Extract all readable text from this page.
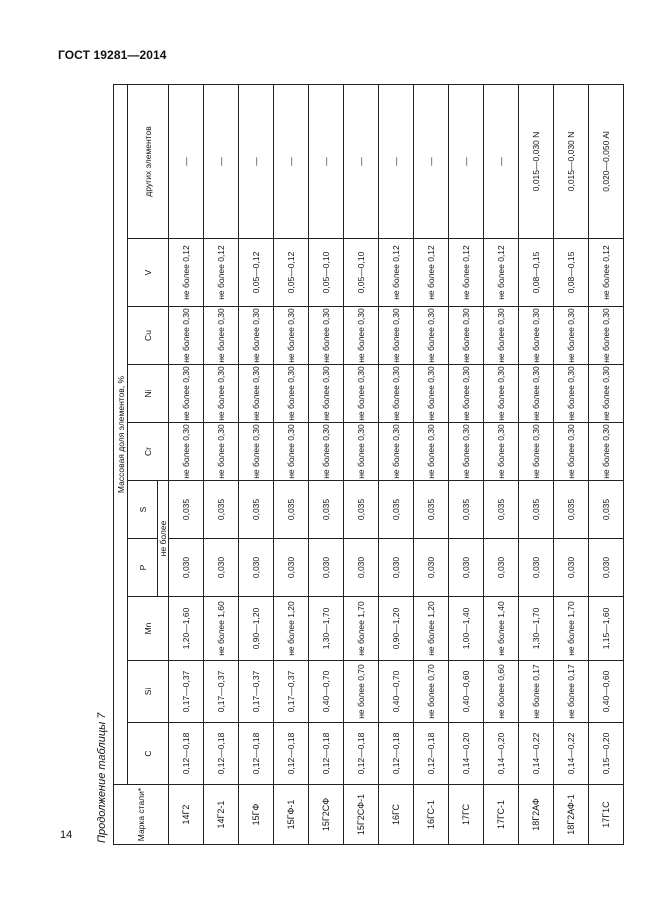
ГОСТ 19281—2014
Продолжение таблицы 7	Марка стали*	Массовая доля элементов, %									
	C	Si	Mn	P	S	Cr	Ni	Cu	V	других элементов
				не более						
14Г2	0,12—0,18	0,17—0,37	1,20—1,60	0,030	0,035	не более 0,30	не более 0,30	не более 0,30	не более 0,12	—
14Г2-1	0,12—0,18	0,17—0,37	не более 1,60	0,030	0,035	не более 0,30	не более 0,30	не более 0,30	не более 0,12	—
15ГФ	0,12—0,18	0,17—0,37	0,90—1,20	0,030	0,035	не более 0,30	не более 0,30	не более 0,30	0,05—0,12	—
15ГФ-1	0,12—0,18	0,17—0,37	не более 1,20	0,030	0,035	не более 0,30	не более 0,30	не более 0,30	0,05—0,12	—
15Г2СФ	0,12—0,18	0,40—0,70	1,30—1,70	0,030	0,035	не более 0,30	не более 0,30	не более 0,30	0,05—0,10	—
15Г2СФ-1	0,12—0,18	не более 0,70	не более 1,70	0,030	0,035	не более 0,30	не более 0,30	не более 0,30	0,05—0,10	—
16ГС	0,12—0,18	0,40—0,70	0,90—1,20	0,030	0,035	не более 0,30	не более 0,30	не более 0,30	не более 0,12	—
16ГС-1	0,12—0,18	не более 0,70	не более 1,20	0,030	0,035	не более 0,30	не более 0,30	не более 0,30	не более 0,12	—
17ГС	0,14—0,20	0,40—0,60	1,00—1,40	0,030	0,035	не более 0,30	не более 0,30	не более 0,30	не более 0,12	—
17ГС-1	0,14—0,20	не более 0,60	не более 1,40	0,030	0,035	не более 0,30	не более 0,30	не более 0,30	не более 0,12	—
18Г2АФ	0,14—0,22	не более 0,17	1,30—1,70	0,030	0,035	не более 0,30	не более 0,30	не более 0,30	0,08—0,15	0,015—0,030 N
18Г2АФ-1	0,14—0,22	не более 0,17	не более 1,70	0,030	0,035	не более 0,30	не более 0,30	не более 0,30	0,08—0,15	0,015—0,030 N
17Г1С	0,15—0,20	0,40—0,60	1,15—1,60	0,030	0,035	не более 0,30	не более 0,30	не более 0,30	не более 0,12	0,020—0,050 Al
14
